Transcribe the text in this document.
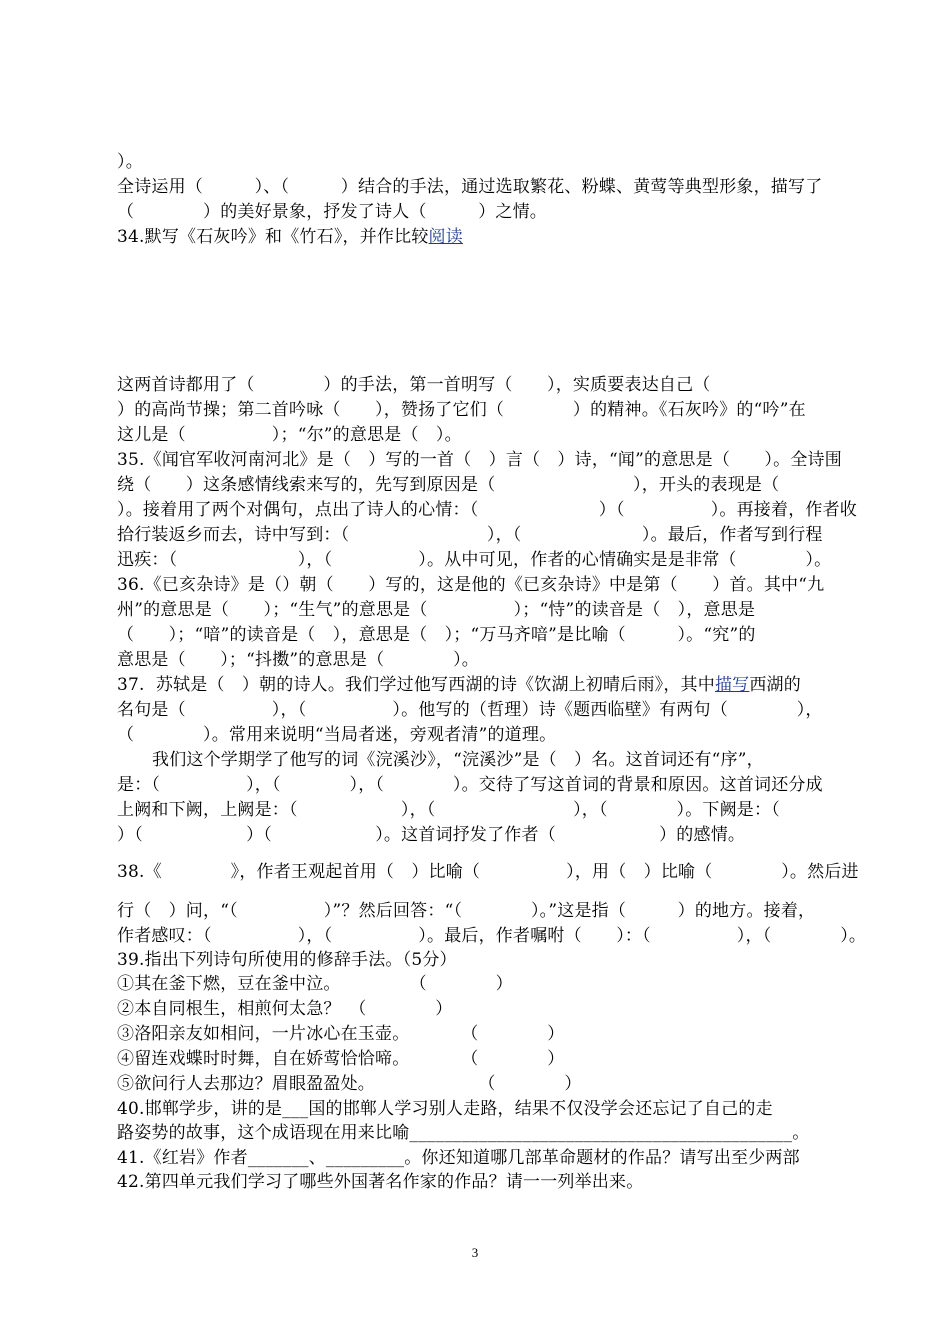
）。
全诗运用（　　　）、（　　　）结合的手法，通过选取繁花、粉蝶、黄莺等典型形象，描写了
（　　　　）的美好景象，抒发了诗人（　　　）之情。
34.默写《石灰吟》和《竹石》，并作比较阅读
这两首诗都用了（　　　　）的手法，第一首明写（　　），实质要表达自己（
）的高尚节操；第二首吟咏（　　），赞扬了它们（　　　　）的精神。《石灰吟》的“吟”在
这儿是（　　　　　）；“尔”的意思是（　）。
35.《闻官军收河南河北》是（　）写的一首（　）言（　）诗，“闻”的意思是（　　）。全诗围
绕（　　）这条感情线索来写的，先写到原因是（　　　　　　　　），开头的表现是（
）。接着用了两个对偶句，点出了诗人的心情：（　　　　　　　）（　　　　　）。再接着，作者收
拾行装返乡而去，诗中写到：（　　　　　　　　），（　　　　　　　）。最后，作者写到行程
迅疾：（　　　　　　　），（　　　　　）。从中可见，作者的心情确实是是非常（　　　　）。
36.《已亥杂诗》是（）朝（　　）写的，这是他的《已亥杂诗》中是第（　　）首。其中“九
州”的意思是（　　）；“生气”的意思是（　　　　　）；“恃”的读音是（　），意思是
（　　）；“喑”的读音是（　），意思是（　）；“万马齐喑”是比喻（　　　）。“究”的
意思是（　　）；“抖擞”的意思是（　　　　）。
37.  苏轼是（　）朝的诗人。我们学过他写西湖的诗《饮湖上初晴后雨》，其中描写西湖的
名句是（　　　　　），（　　　　　）。他写的（哲理）诗《题西临壁》有两句（　　　　），
（　　　　）。常用来说明“当局者迷，旁观者清”的道理。
我们这个学期学了他写的词《浣溪沙》，“浣溪沙”是（　）名。这首词还有“序”，
是：（　　　　　），（　　　　），（　　　　）。交待了写这首词的背景和原因。这首词还分成
上阙和下阙，上阙是：（　　　　　　），（　　　　　　　　），（　　　　）。下阙是：（
）（　　　　　　）（　　　　　　）。这首词抒发了作者（　　　　　　）的感情。
38.《　　　　》，作者王观起首用（　）比喻（　　　　　），用（　）比喻（　　　　）。然后进
行（　）问，“（　　　　　）”？然后回答：“（　　　　）。”这是指（　　　）的地方。接着，
作者感叹：（　　　　　），（　　　　　）。最后，作者嘱咐（　　）：（　　　　　），（　　　　）。
39.指出下列诗句所使用的修辞手法。（5分）
①其在釜下燃，豆在釜中泣。　　　　　（　　　　）
②本自同根生，相煎何太急？　（　　　　）
③洛阳亲友如相问，一片冰心在玉壶。　　　　（　　　　）
④留连戏蝶时时舞，自在娇莺恰恰啼。　　　　（　　　　）
⑤欲问行人去那边？眉眼盈盈处。　　　　　　　（　　　　）
40.邯郸学步，讲的是___国的邯郸人学习别人走路，结果不仅没学会还忘记了自己的走
路姿势的故事，这个成语现在用来比喻____________________________________________。
41.《红岩》作者_______、_________。你还知道哪几部革命题材的作品？请写出至少两部
42.第四单元我们学习了哪些外国著名作家的作品？请一一列举出来。
3
